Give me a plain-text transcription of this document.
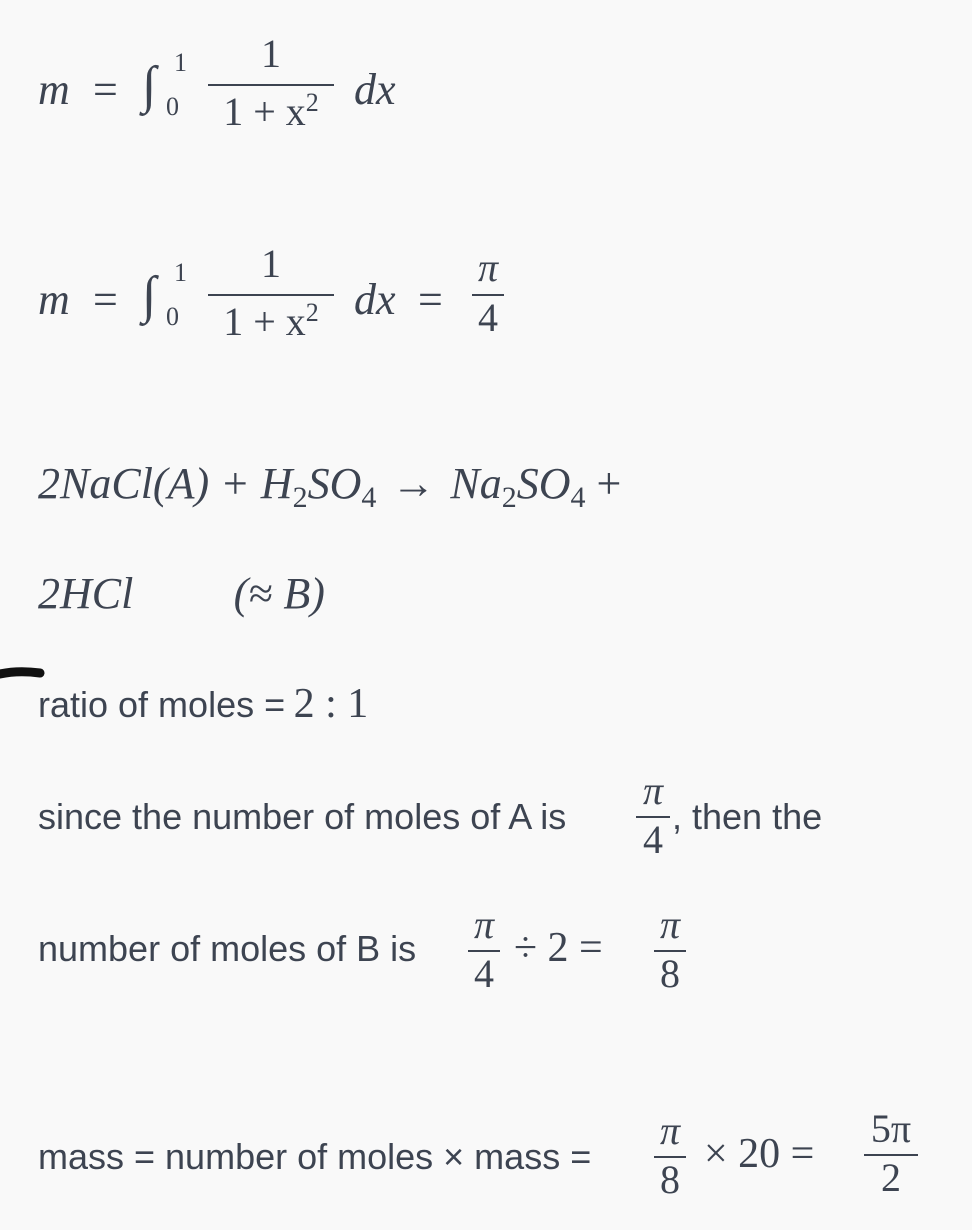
m = ∫ 1
0
1
$1 + x^2$ dx
m = ∫ 1
0
1
$1 + x^2$ dx =
π
4
2NaCl(A) + $H_2SO_4 \to Na_2SO_4$ +
2HCl (≈ B)
ratio of moles = 2 : 1
since the number of moles of A is
π
4 , then the
number of moles of B is
π
4
÷ 2 =
π
8
mass = number of moles × mass =
π
8
× 20 =
5π
2
